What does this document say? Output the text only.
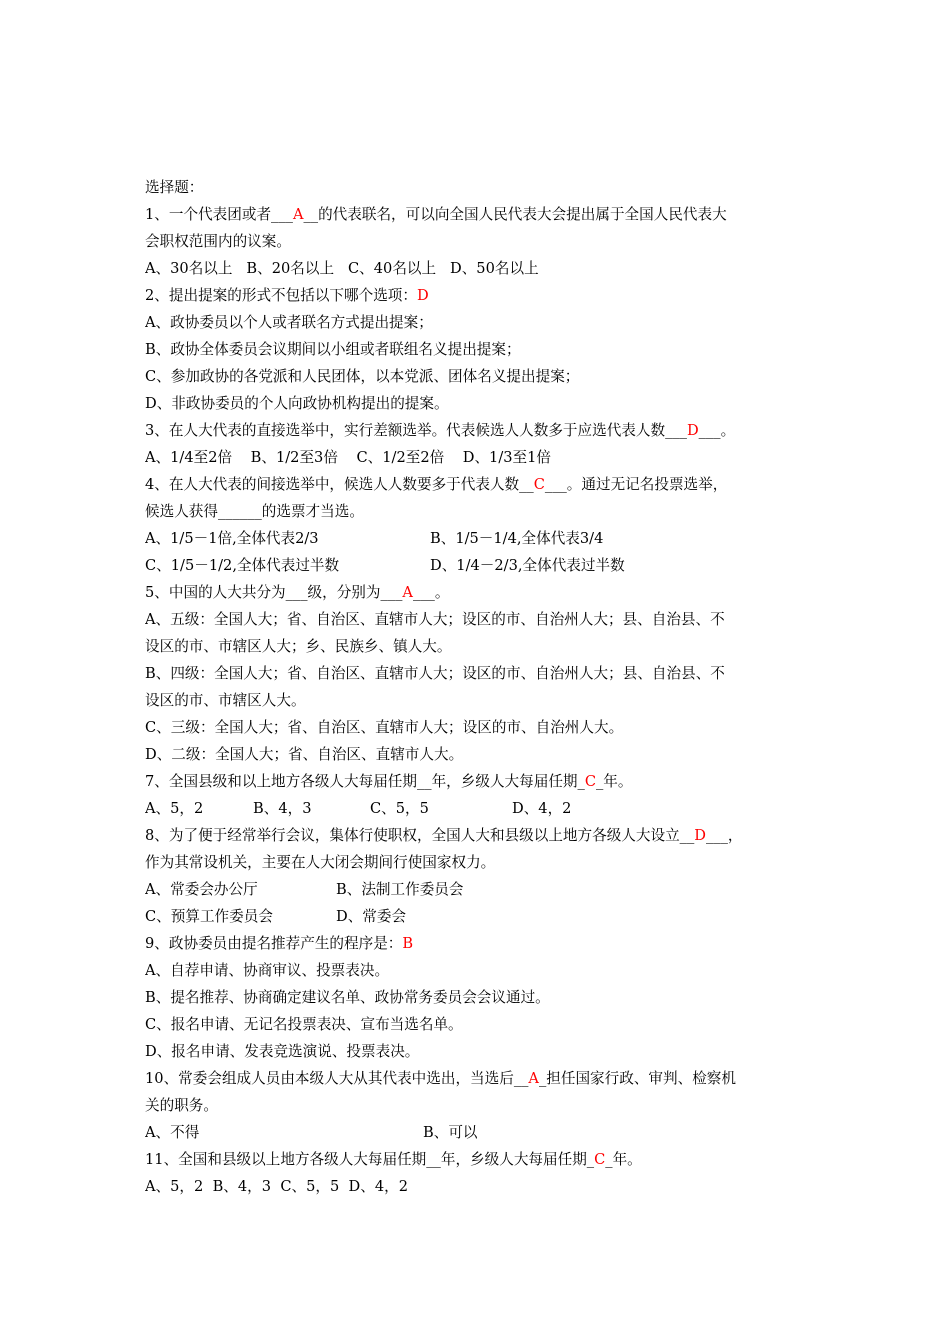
选择题：
1、一个代表团或者___A__的代表联名，可以向全国人民代表大会提出属于全国人民代表大
会职权范围内的议案。
A、30名以上   B、20名以上   C、40名以上   D、50名以上
2、提出提案的形式不包括以下哪个选项：D
A、政协委员以个人或者联名方式提出提案；
B、政协全体委员会议期间以小组或者联组名义提出提案；
C、参加政协的各党派和人民团体，以本党派、团体名义提出提案；
D、非政协委员的个人向政协机构提出的提案。
3、在人大代表的直接选举中，实行差额选举。代表候选人人数多于应选代表人数___D___。
A、1/4至2倍    B、1/2至3倍    C、1/2至2倍    D、1/3至1倍
4、在人大代表的间接选举中，候选人人数要多于代表人数__C___。通过无记名投票选举，
候选人获得______的选票才当选。
A、1/5－1倍,全体代表2/3	B、1/5－1/4,全体代表3/4
C、1/5－1/2,全体代表过半数	D、1/4－2/3,全体代表过半数
5、中国的人大共分为___级，分别为___A___。
A、五级：全国人大；省、自治区、直辖市人大；设区的市、自治州人大；县、自治县、不
设区的市、市辖区人大；乡、民族乡、镇人大。
B、四级：全国人大；省、自治区、直辖市人大；设区的市、自治州人大；县、自治县、不
设区的市、市辖区人大。
C、三级：全国人大；省、自治区、直辖市人大；设区的市、自治州人大。
D、二级：全国人大；省、自治区、直辖市人大。
7、全国县级和以上地方各级人大每届任期__年，乡级人大每届任期_C_年。
A、5，2	B、4，3	C、5，5	D、4，2
8、为了便于经常举行会议，集体行使职权，全国人大和县级以上地方各级人大设立__D___，
作为其常设机关，主要在人大闭会期间行使国家权力。
A、常委会办公厅	B、法制工作委员会
C、预算工作委员会	D、常委会
9、政协委员由提名推荐产生的程序是：B
A、自荐申请、协商审议、投票表决。
B、提名推荐、协商确定建议名单、政协常务委员会会议通过。
C、报名申请、无记名投票表决、宣布当选名单。
D、报名申请、发表竞选演说、投票表决。
10、常委会组成人员由本级人大从其代表中选出，当选后__A_担任国家行政、审判、检察机
关的职务。
A、不得	B、可以
11、全国和县级以上地方各级人大每届任期__年，乡级人大每届任期_C_年。
A、5，2  B、4，3  C、5，5  D、4，2
